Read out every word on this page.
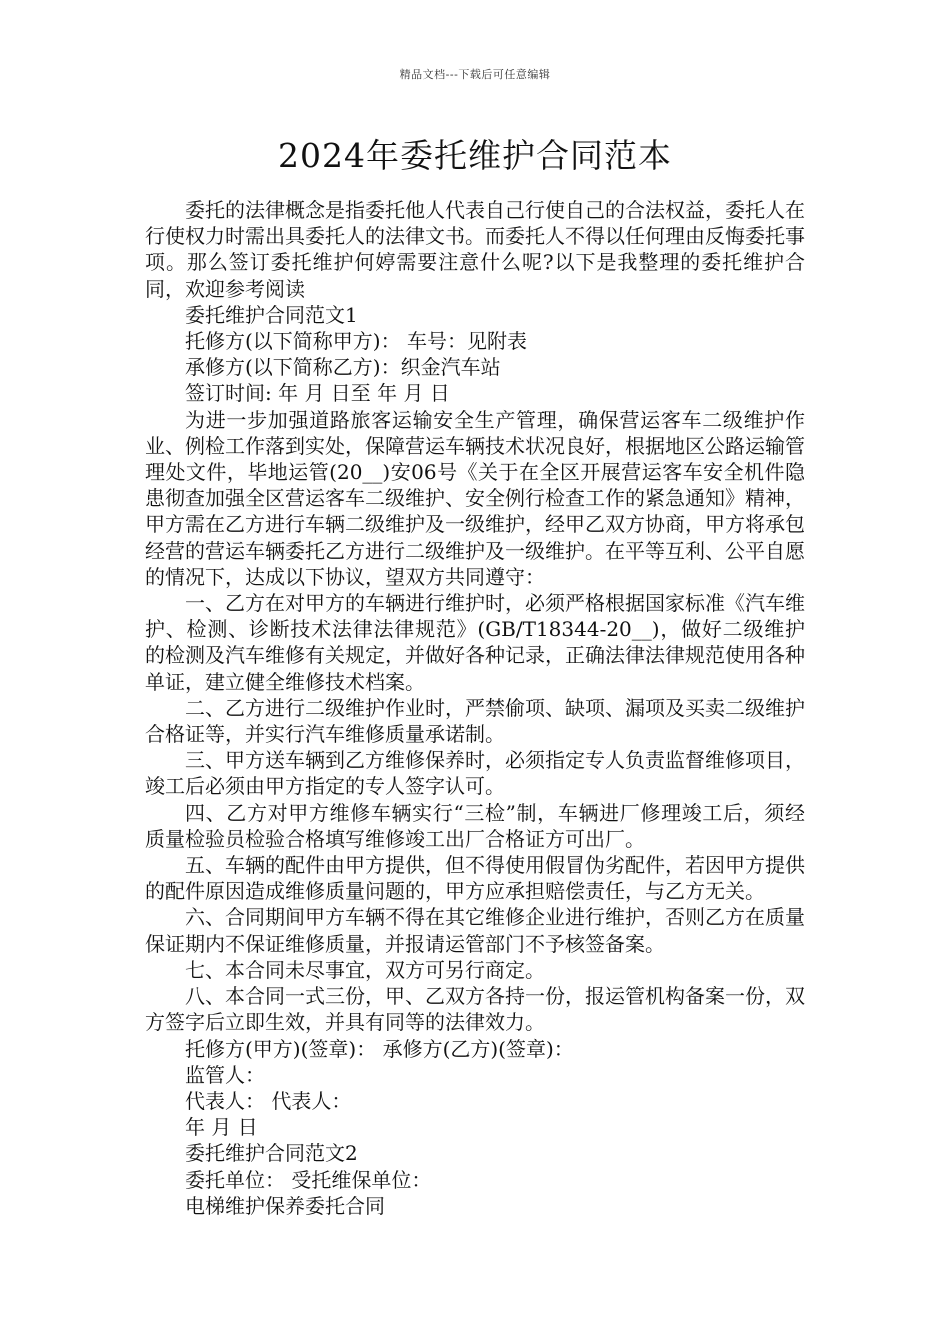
精品文档---下载后可任意编辑
2024年委托维护合同范本

委托的法律概念是指委托他人代表自己行使自己的合法权益，委托人在行使权力时需出具委托人的法律文书。而委托人不得以任何理由反悔委托事项。那么签订委托维护何婷需要注意什么呢?以下是我整理的委托维护合同，欢迎参考阅读

委托维护合同范文1

托修方(以下简称甲方)： 车号：见附表

承修方(以下简称乙方)：织金汽车站

签订时间: 年 月 日至 年 月 日

为进一步加强道路旅客运输安全生产管理，确保营运客车二级维护作业、例检工作落到实处，保障营运车辆技术状况良好，根据地区公路运输管理处文件，毕地运管(20__)安06号《关于在全区开展营运客车安全机件隐患彻查加强全区营运客车二级维护、安全例行检查工作的紧急通知》精神，甲方需在乙方进行车辆二级维护及一级维护，经甲乙双方协商，甲方将承包经营的营运车辆委托乙方进行二级维护及一级维护。在平等互利、公平自愿的情况下，达成以下协议，望双方共同遵守：

一、乙方在对甲方的车辆进行维护时，必须严格根据国家标准《汽车维护、检测、诊断技术法律法律规范》(GB/T18344-20__)，做好二级维护的检测及汽车维修有关规定，并做好各种记录，正确法律法律规范使用各种单证，建立健全维修技术档案。

二、乙方进行二级维护作业时，严禁偷项、缺项、漏项及买卖二级维护合格证等，并实行汽车维修质量承诺制。

三、甲方送车辆到乙方维修保养时，必须指定专人负责监督维修项目，竣工后必须由甲方指定的专人签字认可。

四、乙方对甲方维修车辆实行“三检”制，车辆进厂修理竣工后，须经质量检验员检验合格填写维修竣工出厂合格证方可出厂。

五、车辆的配件由甲方提供，但不得使用假冒伪劣配件，若因甲方提供的配件原因造成维修质量问题的，甲方应承担赔偿责任，与乙方无关。

六、合同期间甲方车辆不得在其它维修企业进行维护，否则乙方在质量保证期内不保证维修质量，并报请运管部门不予核签备案。

七、本合同未尽事宜，双方可另行商定。

八、本合同一式三份，甲、乙双方各持一份，报运管机构备案一份，双方签字后立即生效，并具有同等的法律效力。

托修方(甲方)(签章)： 承修方(乙方)(签章)：

监管人：

代表人： 代表人：

年 月 日

委托维护合同范文2

委托单位： 受托维保单位：

电梯维护保养委托合同
